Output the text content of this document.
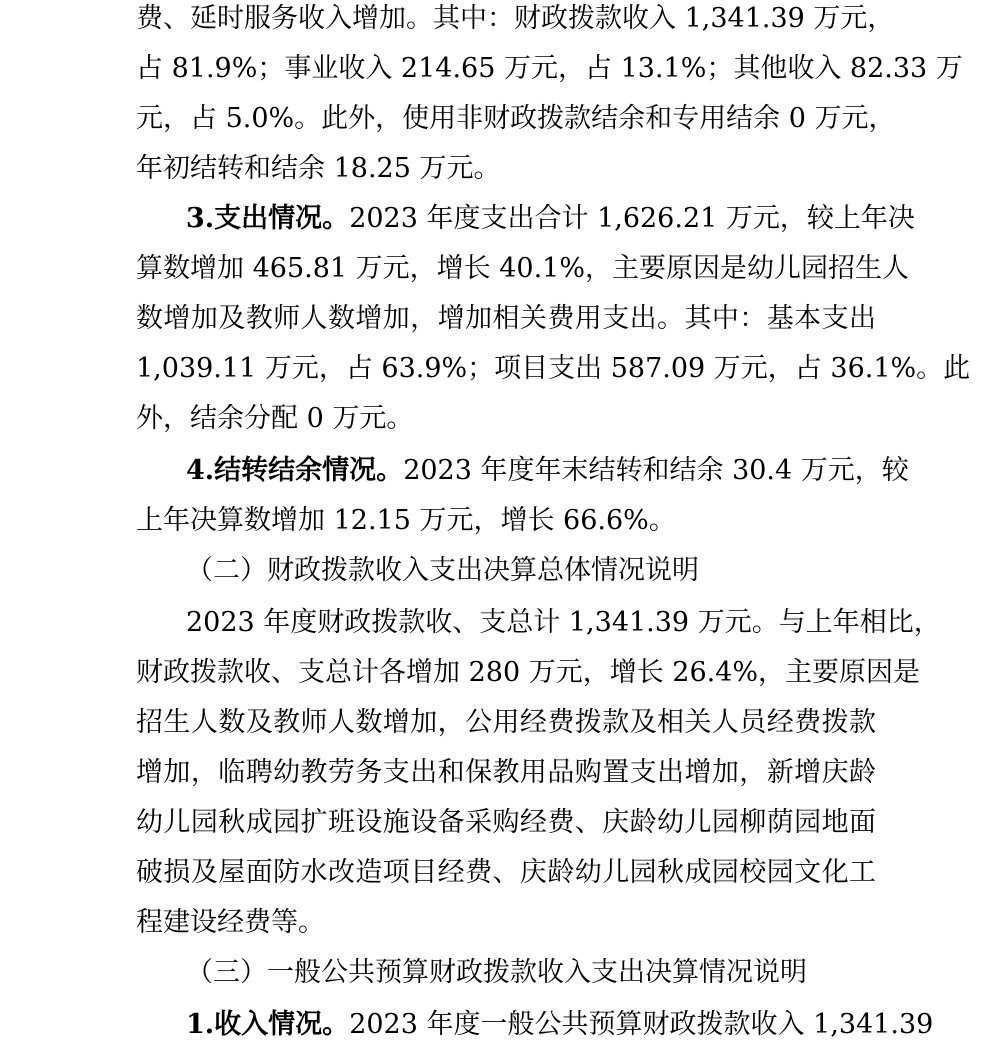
费、延时服务收入增加。其中：财政拨款收入 1,341.39 万元，
占 81.9%；事业收入 214.65 万元，占 13.1%；其他收入 82.33 万
元，占 5.0%。此外，使用非财政拨款结余和专用结余 0 万元，
年初结转和结余 18.25 万元。
3.支出情况。2023 年度支出合计 1,626.21 万元，较上年决
算数增加 465.81 万元，增长 40.1%，主要原因是幼儿园招生人
数增加及教师人数增加，增加相关费用支出。其中：基本支出
1,039.11 万元，占 63.9%；项目支出 587.09 万元，占 36.1%。此
外，结余分配 0 万元。
4.结转结余情况。2023 年度年末结转和结余 30.4 万元，较
上年决算数增加 12.15 万元，增长 66.6%。
（二）财政拨款收入支出决算总体情况说明
2023 年度财政拨款收、支总计 1,341.39 万元。与上年相比，
财政拨款收、支总计各增加 280 万元，增长 26.4%，主要原因是
招生人数及教师人数增加，公用经费拨款及相关人员经费拨款
增加，临聘幼教劳务支出和保教用品购置支出增加，新增庆龄
幼儿园秋成园扩班设施设备采购经费、庆龄幼儿园柳荫园地面
破损及屋面防水改造项目经费、庆龄幼儿园秋成园校园文化工
程建设经费等。
（三）一般公共预算财政拨款收入支出决算情况说明
1.收入情况。2023 年度一般公共预算财政拨款收入 1,341.39
